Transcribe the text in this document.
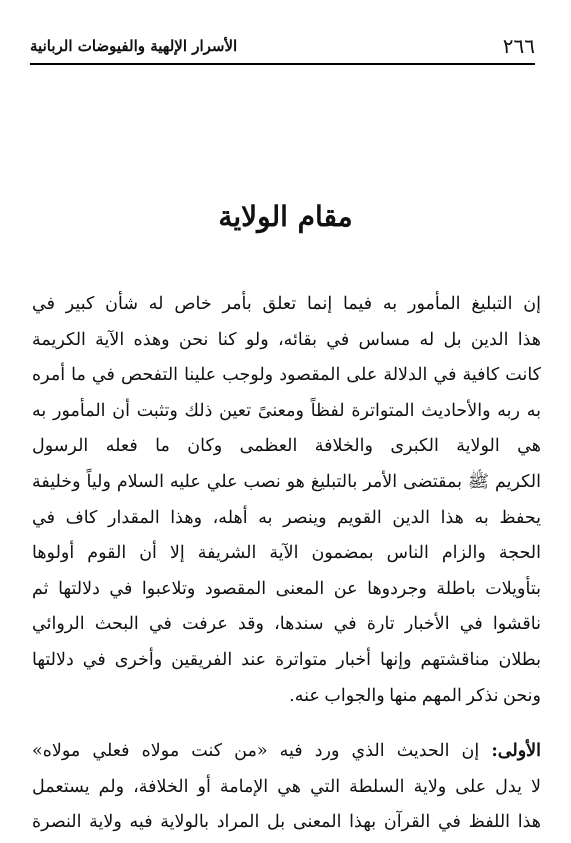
٢٦٦
الأسرار الإلهية والفيوضات الربانية
مقام الولاية
إن التبليغ المأمور به فيما إنما تعلق بأمر خاص له شأن كبير في
هذا الدين بل له مساس في بقائه، ولو كنا نحن وهذه الآية الكريمة
كانت كافية في الدلالة على المقصود ولوجب علينا التفحص في ما أمره
به ربه والأحاديث المتواترة لفظاً ومعنىً تعين ذلك وتثبت أن المأمور به
هي الولاية الكبرى والخلافة العظمى وكان ما فعله الرسول
الكريم ﷺ بمقتضى الأمر بالتبليغ هو نصب علي عليه السلام ولياً وخليفة
يحفظ به هذا الدين القويم وينصر به أهله، وهذا المقدار كاف في
الحجة والزام الناس بمضمون الآية الشريفة إلا أن القوم أولوها
بتأويلات باطلة وجردوها عن المعنى المقصود وتلاعبوا في دلالتها ثم
ناقشوا في الأخبار تارة في سندها، وقد عرفت في البحث الروائي
بطلان مناقشتهم وإنها أخبار متواترة عند الفريقين وأخرى في دلالتها
ونحن نذكر المهم منها والجواب عنه.
الأولى: إن الحديث الذي ورد فيه «من كنت مولاه فعلي مولاه»
لا يدل على ولاية السلطة التي هي الإمامة أو الخلافة، ولم يستعمل
هذا اللفظ في القرآن بهذا المعنى بل المراد بالولاية فيه ولاية النصرة
